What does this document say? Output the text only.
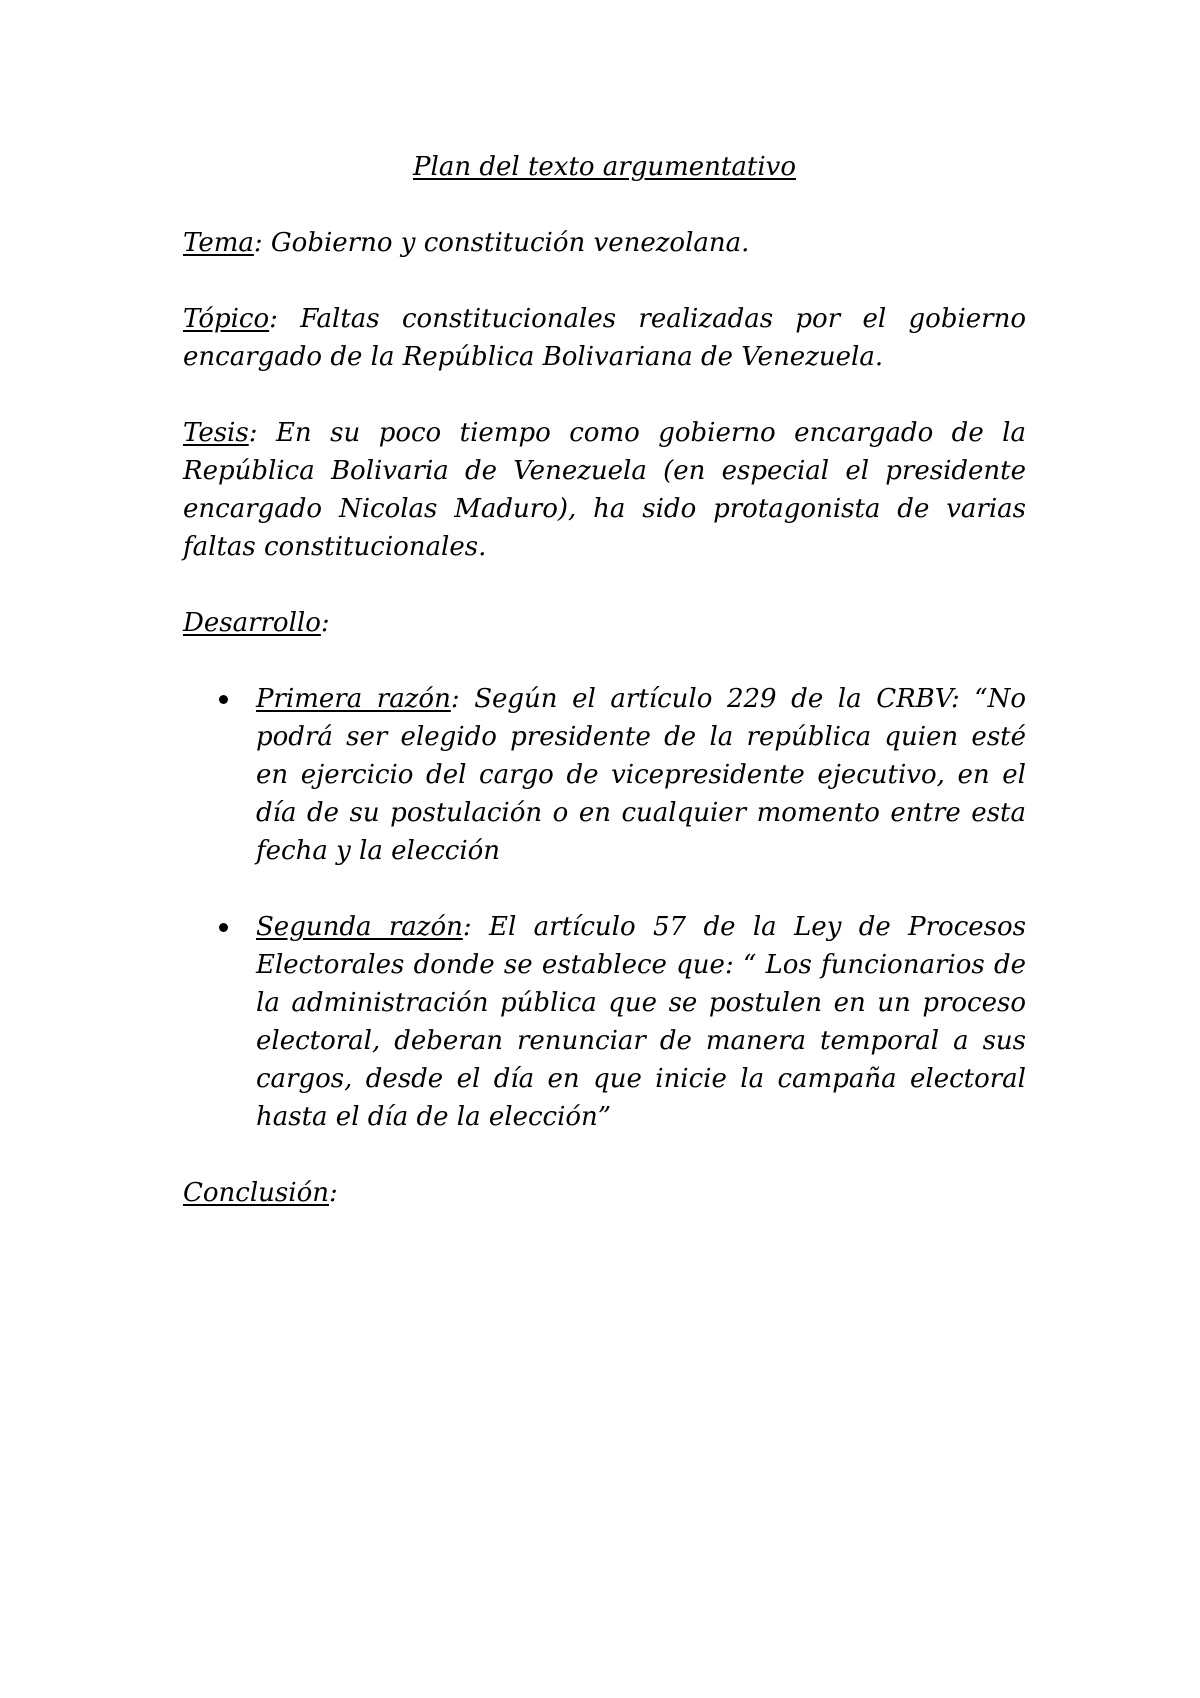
Plan del texto argumentativo

Tema: Gobierno y constitución venezolana.

Tópico: Faltas constitucionales realizadas por el gobierno encargado de la República Bolivariana de Venezuela.

Tesis: En su poco tiempo como gobierno encargado de la República Bolivaria de Venezuela (en especial el presidente encargado Nicolas Maduro), ha sido protagonista de varias faltas constitucionales.

Desarrollo:

Primera razón: Según el artículo 229 de la CRBV: “No podrá ser elegido presidente de la república quien esté en ejercicio del cargo de vicepresidente ejecutivo, en el día de su postulación o en cualquier momento entre esta fecha y la elección
Segunda razón: El artículo 57 de la Ley de Procesos Electorales donde se establece que: “ Los funcionarios de la administración pública que se postulen en un proceso electoral, deberan renunciar de manera temporal a sus cargos, desde el día en que inicie la campaña electoral hasta el día de la elección”

Conclusión:
